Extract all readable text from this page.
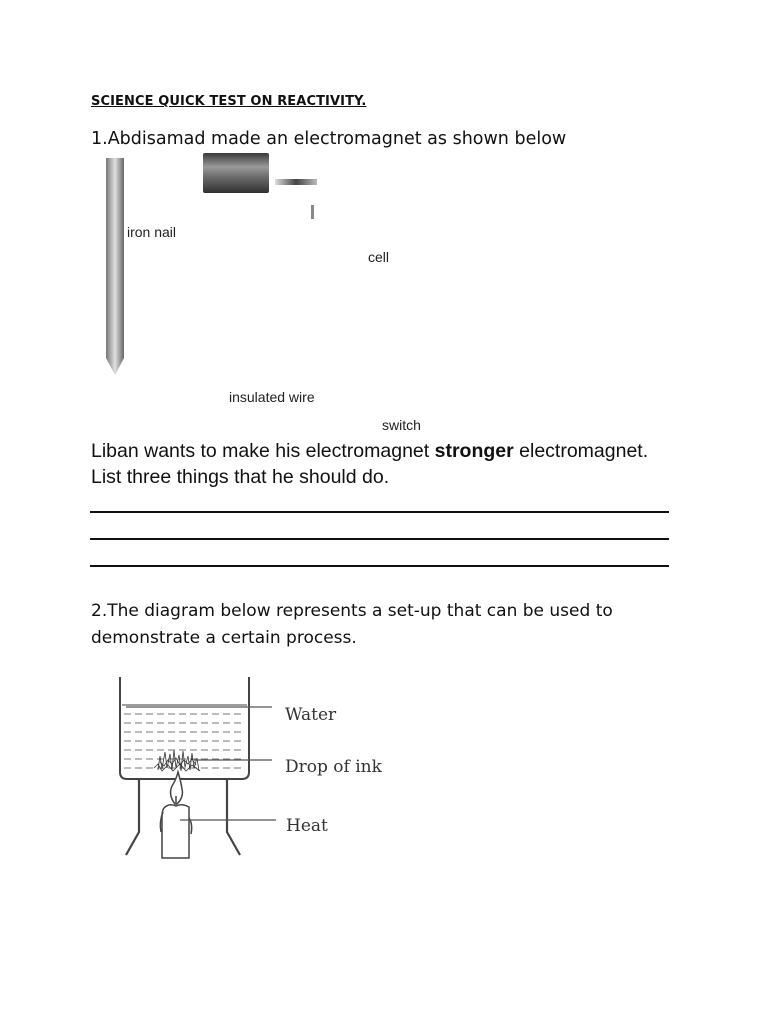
SCIENCE QUICK TEST ON REACTIVITY.
1.Abdisamad made an electromagnet as shown below
iron nail
cell
insulated wire
switch
Liban wants to make his electromagnet stronger electromagnet.
List three things that he should do.
2.The diagram below represents a set-up that can be used to demonstrate a certain process.
Water
Drop of ink
Heat
